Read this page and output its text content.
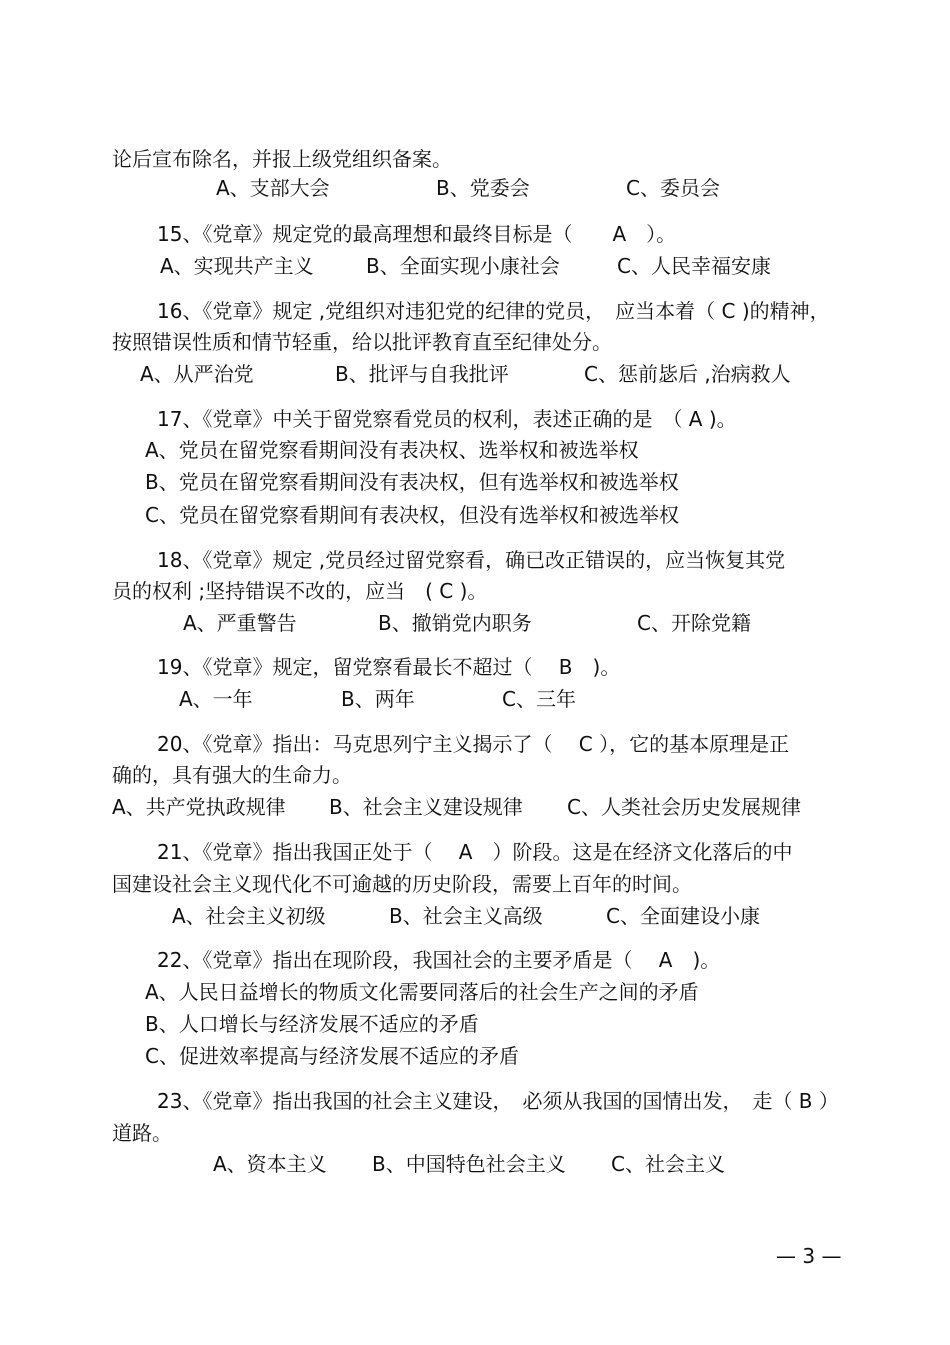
论后宣布除名，并报上级党组织备案。
A、支部大会	B、党委会	C、委员会
15、《党章》规定党的最高理想和最终目标是（　　A　）。
A、实现共产主义	B、全面实现小康社会	C、人民幸福安康
16、《党章》规定 ,党组织对违犯党的纪律的党员，　应当本着（ C )的精神，
按照错误性质和情节轻重，给以批评教育直至纪律处分。
A、从严治党	B、批评与自我批评	C、惩前毖后 ,治病救人
17、《党章》中关于留党察看党员的权利，表述正确的是　（ A )。
A、党员在留党察看期间没有表决权、选举权和被选举权
B、党员在留党察看期间没有表决权，但有选举权和被选举权
C、党员在留党察看期间有表决权，但没有选举权和被选举权
18、《党章》规定 ,党员经过留党察看，确已改正错误的，应当恢复其党
员的权利 ;坚持错误不改的，应当　( C )。
A、严重警告	B、撤销党内职务	C、开除党籍
19、《党章》规定，留党察看最长不超过（　 B　)。
A、一年	B、两年	C、三年
20、《党章》指出：马克思列宁主义揭示了（　 C ），它的基本原理是正
确的，具有强大的生命力。
A、共产党执政规律 B、社会主义建设规律 C、人类社会历史发展规律
21、《党章》指出我国正处于（　 A　）阶段。这是在经济文化落后的中
国建设社会主义现代化不可逾越的历史阶段，需要上百年的时间。
A、社会主义初级	B、社会主义高级	C、全面建设小康
22、《党章》指出在现阶段，我国社会的主要矛盾是（　 A　)。
A、人民日益增长的物质文化需要同落后的社会生产之间的矛盾
B、人口增长与经济发展不适应的矛盾
C、促进效率提高与经济发展不适应的矛盾
23、《党章》指出我国的社会主义建设，　必须从我国的国情出发，　走（ B ）
道路。
A、资本主义 B、中国特色社会主义 C、社会主义
— 3 —
